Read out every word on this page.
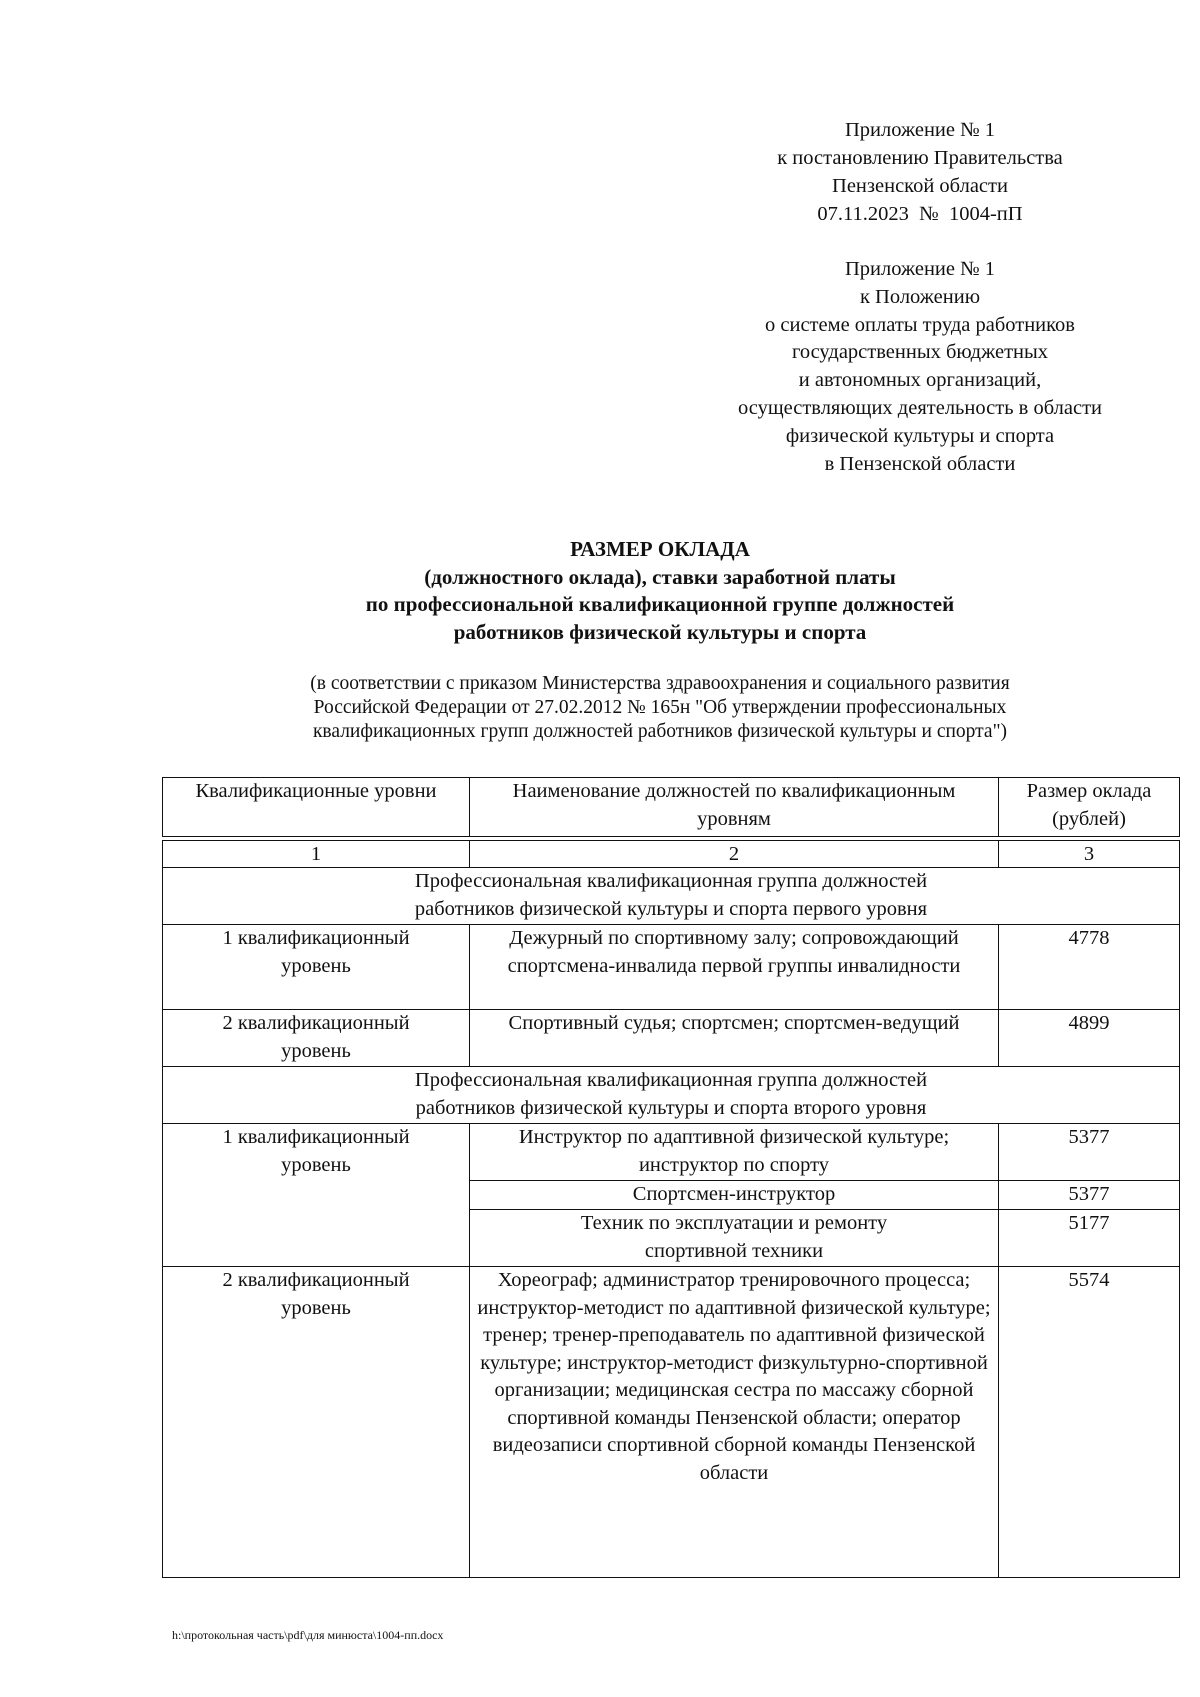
Приложение № 1
к постановлению Правительства
Пензенской области
07.11.2023  №  1004-пП
Приложение № 1
к Положению
о системе оплаты труда работников
государственных бюджетных
и автономных организаций,
осуществляющих деятельность в области
физической культуры и спорта
в Пензенской области
РАЗМЕР ОКЛАДА
(должностного оклада), ставки заработной платы
по профессиональной квалификационной группе должностей
работников физической культуры и спорта
(в соответствии с приказом Министерства здравоохранения и социального развития
Российской Федерации от 27.02.2012 № 165н "Об утверждении профессиональных
квалификационных групп должностей работников физической культуры и спорта")
Квалификационные уровни	Наименование должностей по квалификационным уровням	Размер оклада (рублей)
1	2	3
Профессиональная квалификационная группа должностей работников физической культуры и спорта первого уровня		
1 квалификационный уровень	Дежурный по спортивному залу; сопровождающий спортсмена-инвалида первой группы инвалидности	4778
2 квалификационный уровень	Спортивный судья; спортсмен; спортсмен-ведущий	4899
Профессиональная квалификационная группа должностей работников физической культуры и спорта второго уровня		
1 квалификационный уровень	Инструктор по адаптивной физической культуре; инструктор по спорту	5377
	Спортсмен-инструктор	5377
	Техник по эксплуатации и ремонту спортивной техники	5177
2 квалификационный уровень	Хореограф; администратор тренировочного процесса; инструктор-методист по адаптивной физической культуре; тренер; тренер-преподаватель по адаптивной физической культуре; инструктор-методист физкультурно-спортивной организации; медицинская сестра по массажу сборной спортивной команды Пензенской области; оператор видеозаписи спортивной сборной команды Пензенской области	5574
h:\протокольная часть\pdf\для минюста\1004-пп.docx
